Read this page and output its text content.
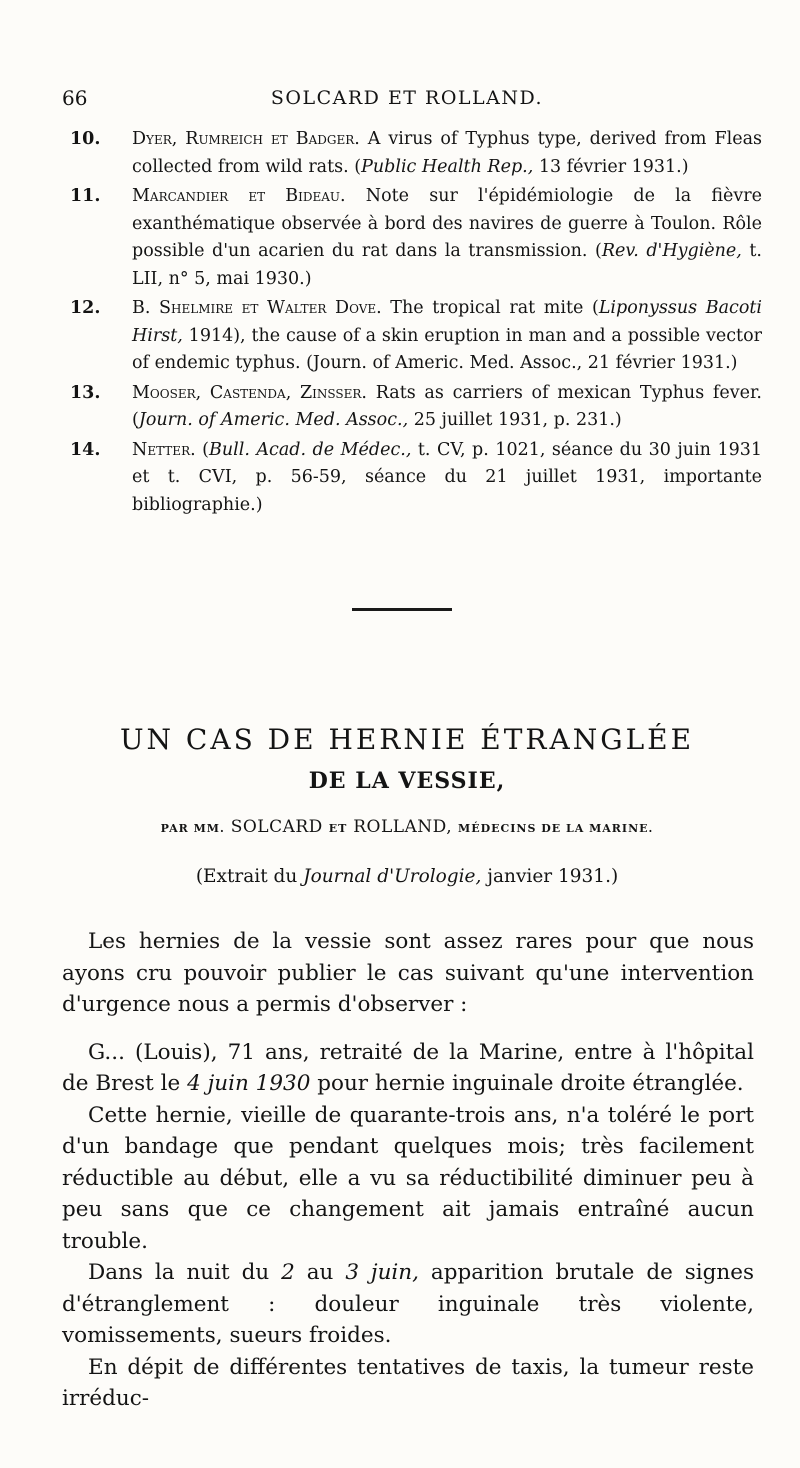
66	SOLCARD ET ROLLAND.
10. Dyer, Rumreich et Badger. A virus of Typhus type, derived from Fleas collected from wild rats. (Public Health Rep., 13 février 1931.)
11. Marcandier et Bideau. Note sur l'épidémiologie de la fièvre exanthématique observée à bord des navires de guerre à Toulon. Rôle possible d'un acarien du rat dans la transmission. (Rev. d'Hygiène, t. LII, n° 5, mai 1930.)
12. B. Shelmire et Walter Dove. The tropical rat mite (Liponyssus Bacoti Hirst, 1914), the cause of a skin eruption in man and a possible vector of endemic typhus. (Journ. of Americ. Med. Assoc., 21 février 1931.)
13. Mooser, Castenda, Zinsser. Rats as carriers of mexican Typhus fever. (Journ. of Americ. Med. Assoc., 25 juillet 1931, p. 231.)
14. Netter. (Bull. Acad. de Médec., t. CV, p. 1021, séance du 30 juin 1931 et t. CVI, p. 56-59, séance du 21 juillet 1931, importante bibliographie.)
UN CAS DE HERNIE ÉTRANGLÉE
DE LA VESSIE,
PAR MM. SOLCARD ET ROLLAND, MÉDECINS DE LA MARINE.
(Extrait du Journal d'Urologie, janvier 1931.)

Les hernies de la vessie sont assez rares pour que nous ayons cru pouvoir publier le cas suivant qu'une intervention d'urgence nous a permis d'observer :

G... (Louis), 71 ans, retraité de la Marine, entre à l'hôpital de Brest le 4 juin 1930 pour hernie inguinale droite étranglée.

Cette hernie, vieille de quarante-trois ans, n'a toléré le port d'un bandage que pendant quelques mois; très facilement réductible au début, elle a vu sa réductibilité diminuer peu à peu sans que ce changement ait jamais entraîné aucun trouble.

Dans la nuit du 2 au 3 juin, apparition brutale de signes d'étranglement : douleur inguinale très violente, vomissements, sueurs froides.

En dépit de différentes tentatives de taxis, la tumeur reste irréduc-
